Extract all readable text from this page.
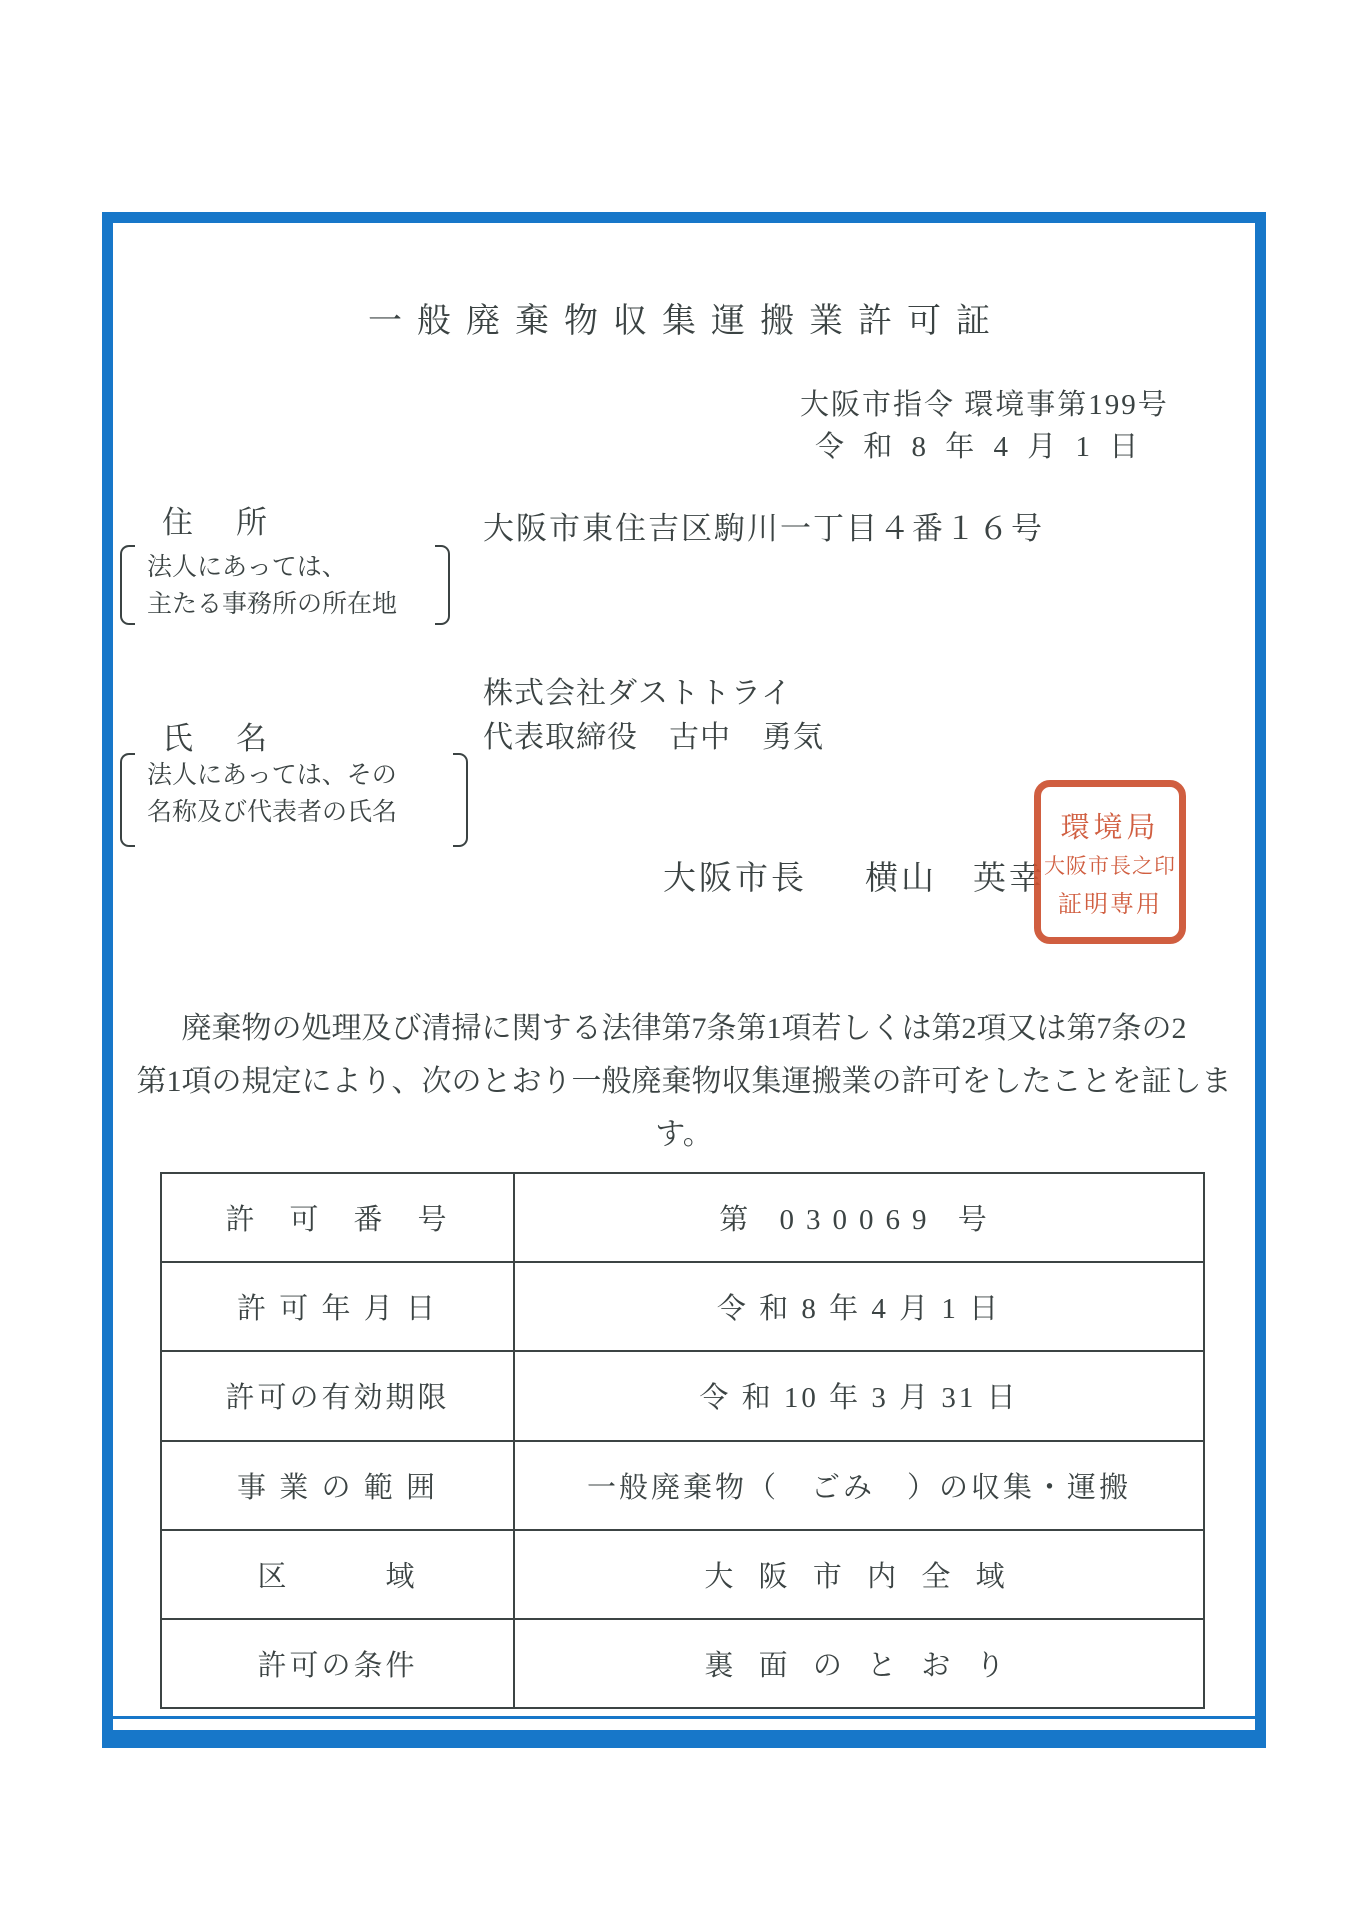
一般廃棄物収集運搬業許可証
大阪市指令 環境事第199号
令 和 8 年 4 月 1 日
住　所
法人にあっては、
主たる事務所の所在地
大阪市東住吉区駒川一丁目４番１６号
株式会社ダストトライ
代表取締役　古中　勇気
氏　名
法人にあっては、その
名称及び代表者の氏名
大阪市長 横山　英幸
環境局
大阪市長之印
証明専用
廃棄物の処理及び清掃に関する法律第7条第1項若しくは第2項又は第7条の2
第1項の規定により、次のとおり一般廃棄物収集運搬業の許可をしたことを証します。
許　可　番　号	第 030069 号
許 可 年 月 日	令 和 8 年 4 月 1 日
許可の有効期限	令 和 10 年 3 月 31 日
事 業 の 範 囲	一般廃棄物（　ごみ　）の収集・運搬
区　　　域	大 阪 市 内 全 域
許可の条件	裏 面 の と お り
